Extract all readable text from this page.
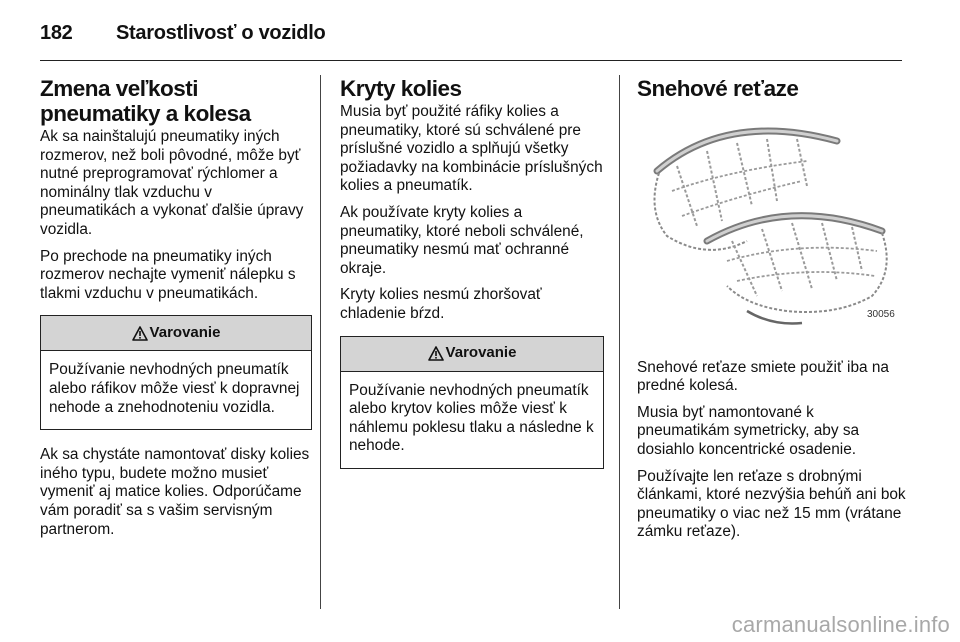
182	Starostlivosť o vozidlo
Zmena veľkosti pneumatiky a kolesa

Ak sa nainštalujú pneumatiky iných rozmerov, než boli pôvodné, môže byť nutné preprogramovať rýchlomer a nominálny tlak vzduchu v pneumatikách a vykonať ďalšie úpravy vozidla.

Po prechode na pneumatiky iných rozmerov nechajte vymeniť nálepku s tlakmi vzduchu v pneumatikách.

Varovanie

Používanie nevhodných pneumatík alebo ráfikov môže viesť k dopravnej nehode a znehodnoteniu vozidla.

Ak sa chystáte namontovať disky kolies iného typu, budete možno musieť vymeniť aj matice kolies. Odporúčame vám poradiť sa s vašim servisným partnerom.

Kryty kolies

Musia byť použité ráfiky kolies a pneumatiky, ktoré sú schválené pre príslušné vozidlo a splňujú všetky požiadavky na kombinácie príslušných kolies a pneumatík.

Ak používate kryty kolies a pneumatiky, ktoré neboli schválené, pneumatiky nesmú mať ochranné okraje.

Kryty kolies nesmú zhoršovať chladenie bŕzd.

Varovanie

Používanie nevhodných pneumatík alebo krytov kolies môže viesť k náhlemu poklesu tlaku a následne k nehode.

Snehové reťaze
30056

Snehové reťaze smiete použiť iba na predné kolesá.

Musia byť namontované k pneumatikám symetricky, aby sa dosiahlo koncentrické osadenie.

Používajte len reťaze s drobnými článkami, ktoré nezvýšia behúň ani bok pneumatiky o viac než 15 mm (vrátane zámku reťaze).

carmanualsonline.info
